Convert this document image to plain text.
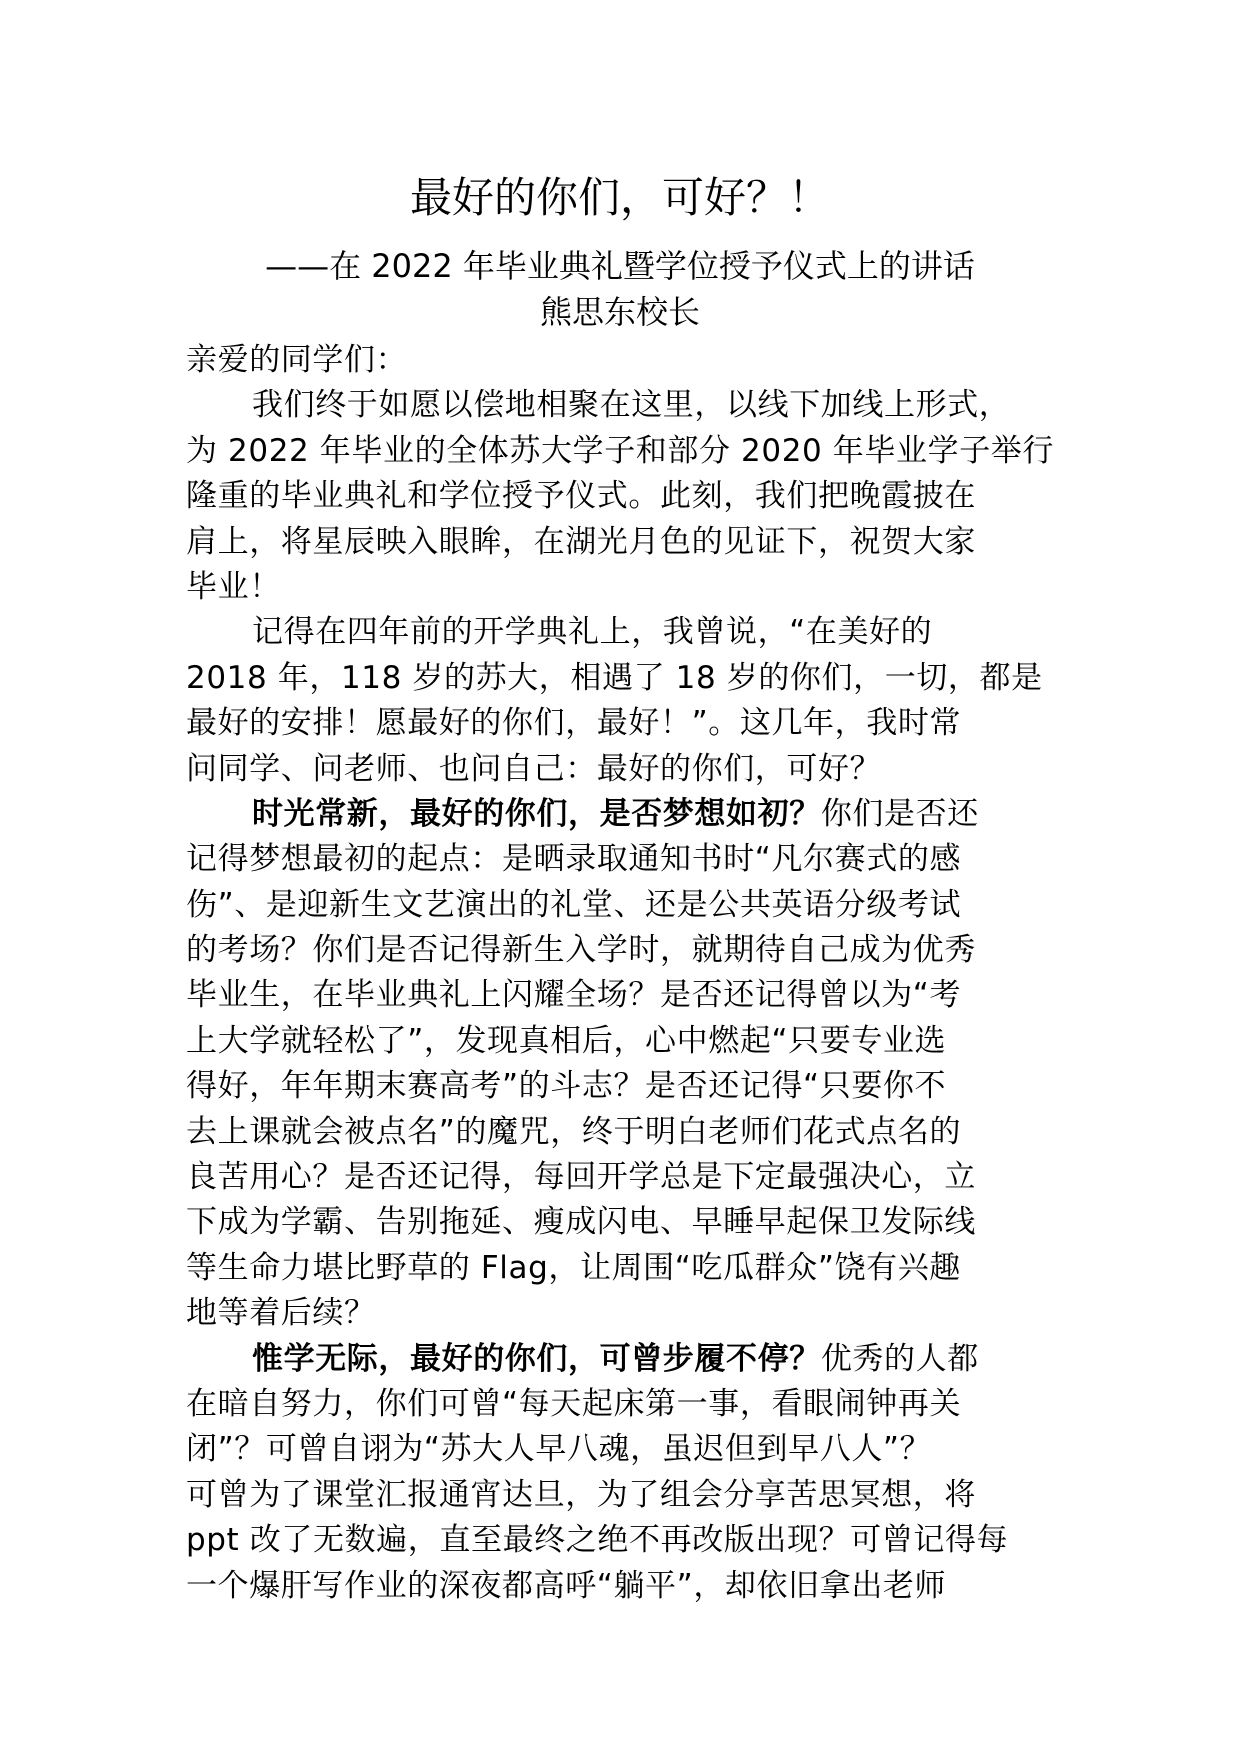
最好的你们，可好？！
——在 2022 年毕业典礼暨学位授予仪式上的讲话
熊思东校长
亲爱的同学们：
我们终于如愿以偿地相聚在这里，以线下加线上形式，
为 2022 年毕业的全体苏大学子和部分 2020 年毕业学子举行
隆重的毕业典礼和学位授予仪式。此刻，我们把晚霞披在
肩上，将星辰映入眼眸，在湖光月色的见证下，祝贺大家
毕业！
记得在四年前的开学典礼上，我曾说，“在美好的
2018 年，118 岁的苏大，相遇了 18 岁的你们，一切，都是
最好的安排！愿最好的你们，最好！”。这几年，我时常
问同学、问老师、也问自己：最好的你们，可好？
时光常新，最好的你们，是否梦想如初？你们是否还
记得梦想最初的起点：是晒录取通知书时“凡尔赛式的感
伤”、是迎新生文艺演出的礼堂、还是公共英语分级考试
的考场？你们是否记得新生入学时，就期待自己成为优秀
毕业生，在毕业典礼上闪耀全场？是否还记得曾以为“考
上大学就轻松了”，发现真相后，心中燃起“只要专业选
得好，年年期末赛高考”的斗志？是否还记得“只要你不
去上课就会被点名”的魔咒，终于明白老师们花式点名的
良苦用心？是否还记得，每回开学总是下定最强决心，立
下成为学霸、告别拖延、瘦成闪电、早睡早起保卫发际线
等生命力堪比野草的 Flag，让周围“吃瓜群众”饶有兴趣
地等着后续？
惟学无际，最好的你们，可曾步履不停？优秀的人都
在暗自努力，你们可曾“每天起床第一事，看眼闹钟再关
闭”？可曾自诩为“苏大人早八魂，虽迟但到早八人”？
可曾为了课堂汇报通宵达旦，为了组会分享苦思冥想，将
ppt 改了无数遍，直至最终之绝不再改版出现？可曾记得每
一个爆肝写作业的深夜都高呼“躺平”，却依旧拿出老师
